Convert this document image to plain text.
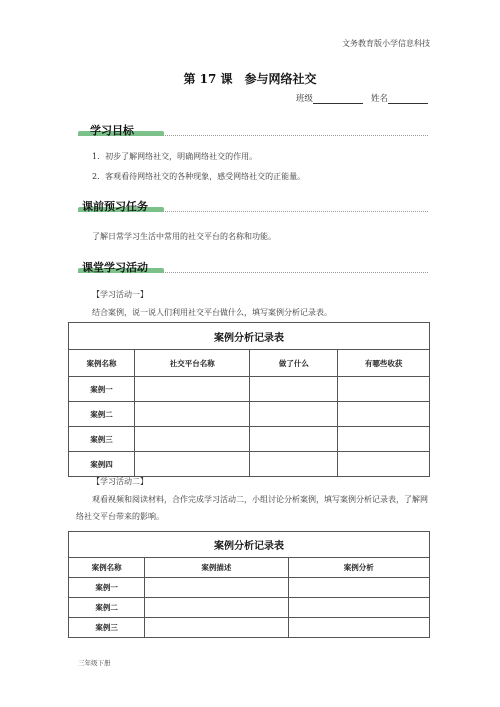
文务教育版小学信息科技
第 17 课　参与网络社交
班级	姓名
学习目标
1．初步了解网络社交，明确网络社交的作用。
2．客观看待网络社交的各种现象，感受网络社交的正能量。
课前预习任务
了解日常学习生活中常用的社交平台的名称和功能。
课堂学习活动
【学习活动一】
结合案例，说一说人们利用社交平台做什么，填写案例分析记录表。
案例分析记录表			
案例名称	社交平台名称	做了什么	有哪些收获
案例一			
案例二			
案例三			
案例四			
【学习活动二】
观看视频和阅读材料，合作完成学习活动二，小组讨论分析案例，填写案例分析记录表，了解网络社交平台带来的影响。
案例分析记录表		
案例名称	案例描述	案例分析
案例一		
案例二		
案例三		
三年级下册
